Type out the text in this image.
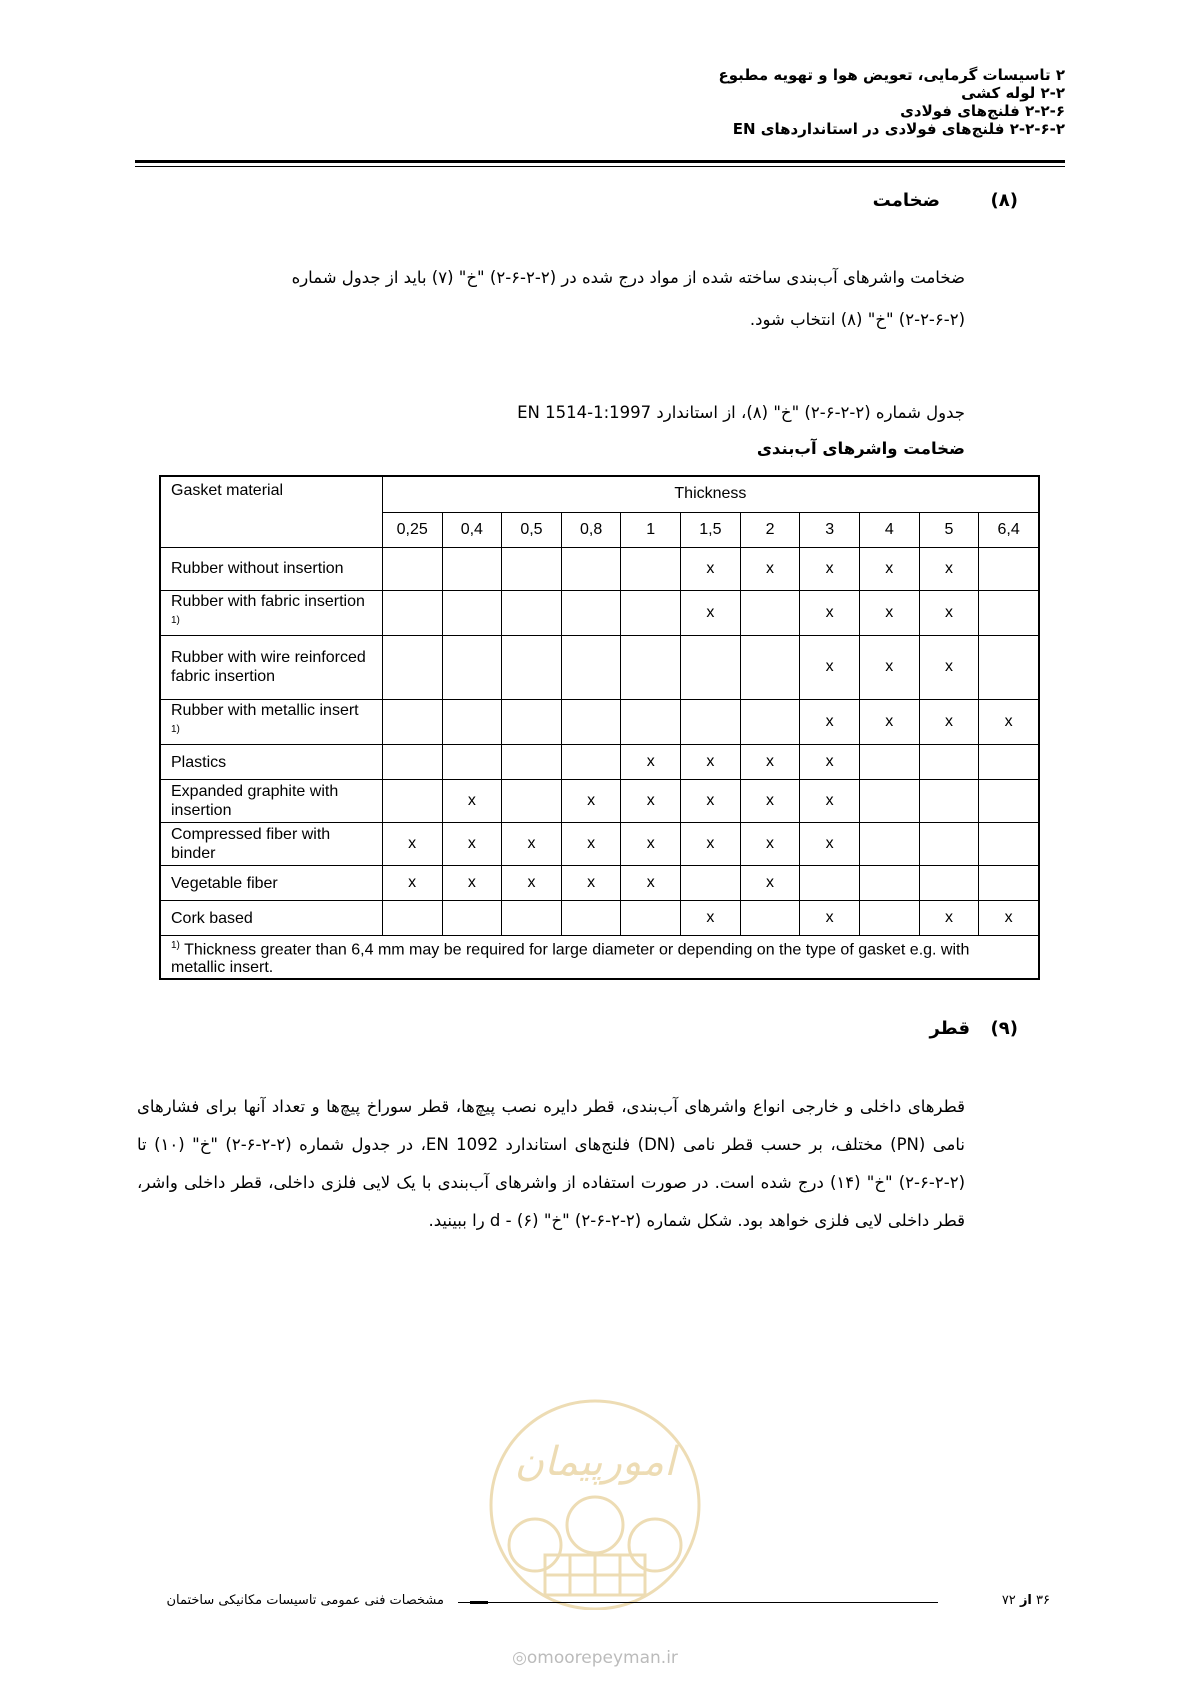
۲ تاسیسات گرمایی، تعویض هوا و تهویه مطبوع
۲-۲ لوله کشی
۲-۲-۶ فلنج‌های فولادی
۲-۲-۶-۲ فلنج‌های فولادی در استانداردهای EN
(۸)
ضخامت
ضخامت واشرهای آب‌بندی ساخته شده از مواد درج شده در (۲-۲-۶-۲) "خ" (۷) باید از جدول شماره
(۲-۲-۶-۲) "خ" (۸) انتخاب شود.
جدول شماره (۲-۲-۶-۲) "خ" (۸)، از استاندارد EN 1514-1:1997
ضخامت واشرهای آب‌بندی
Gasket material	Thickness										
	0,25	0,4	0,5	0,8	1	1,5	2	3	4	5	6,4
Rubber without insertion						x	x	x	x	x	
Rubber with fabric insertion $^{1)}$						x		x	x	x	
Rubber with wire reinforced fabric insertion								x	x	x	
Rubber with metallic insert $^{1)}$								x	x	x	x
Plastics					x	x	x	x			
Expanded graphite with insertion		x		x	x	x	x	x			
Compressed fiber with binder	x	x	x	x	x	x	x	x			
Vegetable fiber	x	x	x	x	x		x				
Cork based						x		x		x	x
$^{1)}$ Thickness greater than 6,4 mm may be required for large diameter or depending on the type of gasket e.g. with metallic insert.											
(۹)
قطر
قطرهای داخلی و خارجی انواع واشرهای آب‌بندی، قطر دایره نصب پیچ‌ها، قطر سوراخ پیچ‌ها و تعداد آنها برای فشارهای نامی (PN) مختلف، بر حسب قطر نامی (DN) فلنج‌های استاندارد EN 1092، در جدول شماره (۲-۲-۶-۲) "خ" (۱۰) تا (۲-۲-۶-۲) "خ" (۱۴) درج شده است. در صورت استفاده از واشرهای آب‌بندی با یک لایی فلزی داخلی، قطر داخلی واشر، قطر داخلی لایی فلزی خواهد بود. شکل شماره (۲-۲-۶-۲) "خ" (۶) - d را ببینید.
امورپیمان
مشخصات فنی عمومی تاسیسات مکانیکی ساختمان	۳۶ از ۷۲
◎omoorepeyman.ir
